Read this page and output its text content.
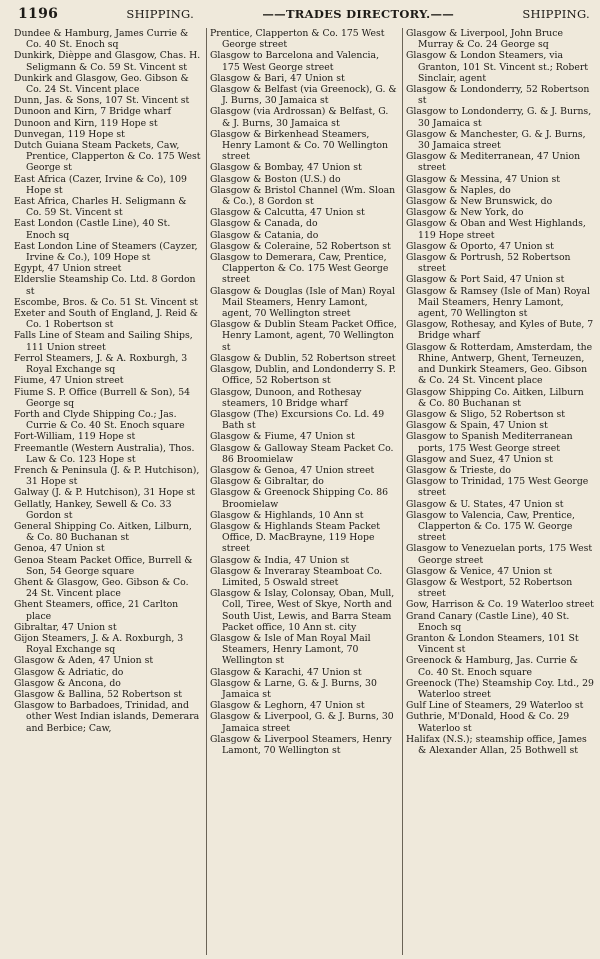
1196	SHIPPING.	——TRADES DIRECTORY.——	SHIPPING.
Dundee & Hamburg, James Currie & Co. 40 St. Enoch sq
Dunkirk, Dièppe and Glasgow, Chas. H. Seligmann & Co. 59 St. Vincent st
Dunkirk and Glasgow, Geo. Gibson & Co. 24 St. Vincent place
Dunn, Jas. & Sons, 107 St. Vincent st
Dunoon and Kirn, 7 Bridge wharf
Dunoon and Kirn, 119 Hope st
Dunvegan, 119 Hope st
Dutch Guiana Steam Packets, Caw, Prentice, Clapperton & Co. 175 West George st
East Africa (Cazer, Irvine & Co), 109 Hope st
East Africa, Charles H. Seligmann & Co. 59 St. Vincent st
East London (Castle Line), 40 St. Enoch sq
East London Line of Steamers (Cayzer, Irvine & Co.), 109 Hope st
Egypt, 47 Union street
Elderslie Steamship Co. Ltd. 8 Gordon st
Escombe, Bros. & Co. 51 St. Vincent st
Exeter and South of England, J. Reid & Co. 1 Robertson st
Falls Line of Steam and Sailing Ships, 111 Union street
Ferrol Steamers, J. & A. Roxburgh, 3 Royal Exchange sq
Fiume, 47 Union street
Fiume S. P. Office (Burrell & Son), 54 George sq
Forth and Clyde Shipping Co.; Jas. Currie & Co. 40 St. Enoch square
Fort-William, 119 Hope st
Freemantle (Western Australia), Thos. Law & Co. 123 Hope st
French & Peninsula (J. & P. Hutchison), 31 Hope st
Galway (J. & P. Hutchison), 31 Hope st
Gellatly, Hankey, Sewell & Co. 33 Gordon st
General Shipping Co. Aitken, Lilburn, & Co. 80 Buchanan st
Genoa, 47 Union st
Genoa Steam Packet Office, Burrell & Son, 54 George square
Ghent & Glasgow, Geo. Gibson & Co. 24 St. Vincent place
Ghent Steamers, office, 21 Carlton place
Gibraltar, 47 Union st
Gijon Steamers, J. & A. Roxburgh, 3 Royal Exchange sq
Glasgow & Aden, 47 Union st
Glasgow & Adriatic, do
Glasgow & Ancona, do
Glasgow & Ballina, 52 Robertson st
Glasgow to Barbadoes, Trinidad, and other West Indian islands, Demerara and Berbice; Caw,
Prentice, Clapperton & Co. 175 West George street
Glasgow to Barcelona and Valencia, 175 West George street
Glasgow & Bari, 47 Union st
Glasgow & Belfast (via Greenock), G. & J. Burns, 30 Jamaica st
Glasgow (via Ardrossan) & Belfast, G. & J. Burns, 30 Jamaica st
Glasgow & Birkenhead Steamers, Henry Lamont & Co. 70 Wellington street
Glasgow & Bombay, 47 Union st
Glasgow & Boston (U.S.) do
Glasgow & Bristol Channel (Wm. Sloan & Co.), 8 Gordon st
Glasgow & Calcutta, 47 Union st
Glasgow & Canada, do
Glasgow & Catania, do
Glasgow & Coleraine, 52 Robertson st
Glasgow to Demerara, Caw, Prentice, Clapperton & Co. 175 West George street
Glasgow & Douglas (Isle of Man) Royal Mail Steamers, Henry Lamont, agent, 70 Wellington street
Glasgow & Dublin Steam Packet Office, Henry Lamont, agent, 70 Wellington st
Glasgow & Dublin, 52 Robertson street
Glasgow, Dublin, and Londonderry S. P. Office, 52 Robertson st
Glasgow, Dunoon, and Rothesay steamers, 10 Bridge wharf
Glasgow (The) Excursions Co. Ld. 49 Bath st
Glasgow & Fiume, 47 Union st
Glasgow & Galloway Steam Packet Co. 86 Broomielaw
Glasgow & Genoa, 47 Union street
Glasgow & Gibraltar, do
Glasgow & Greenock Shipping Co. 86 Broomielaw
Glasgow & Highlands, 10 Ann st
Glasgow & Highlands Steam Packet Office, D. MacBrayne, 119 Hope street
Glasgow & India, 47 Union st
Glasgow & Inveraray Steamboat Co. Limited, 5 Oswald street
Glasgow & Islay, Colonsay, Oban, Mull, Coll, Tiree, West of Skye, North and South Uist, Lewis, and Barra Steam Packet office, 10 Ann st. city
Glasgow & Isle of Man Royal Mail Steamers, Henry Lamont, 70 Wellington st
Glasgow & Karachi, 47 Union st
Glasgow & Larne, G. & J. Burns, 30 Jamaica st
Glasgow & Leghorn, 47 Union st
Glasgow & Liverpool, G. & J. Burns, 30 Jamaica street
Glasgow & Liverpool Steamers, Henry Lamont, 70 Wellington st
Glasgow & Liverpool, John Bruce Murray & Co. 24 George sq
Glasgow & London Steamers, via Granton, 101 St. Vincent st.; Robert Sinclair, agent
Glasgow & Londonderry, 52 Robertson st
Glasgow to Londonderry, G. & J. Burns, 30 Jamaica st
Glasgow & Manchester, G. & J. Burns, 30 Jamaica street
Glasgow & Mediterranean, 47 Union street
Glasgow & Messina, 47 Union st
Glasgow & Naples, do
Glasgow & New Brunswick, do
Glasgow & New York, do
Glasgow & Oban and West Highlands, 119 Hope street
Glasgow & Oporto, 47 Union st
Glasgow & Portrush, 52 Robertson street
Glasgow & Port Said, 47 Union st
Glasgow & Ramsey (Isle of Man) Royal Mail Steamers, Henry Lamont, agent, 70 Wellington st
Glasgow, Rothesay, and Kyles of Bute, 7 Bridge wharf
Glasgow & Rotterdam, Amsterdam, the Rhine, Antwerp, Ghent, Terneuzen, and Dunkirk Steamers, Geo. Gibson & Co. 24 St. Vincent place
Glasgow Shipping Co. Aitken, Lilburn & Co. 80 Buchanan st
Glasgow & Sligo, 52 Robertson st
Glasgow & Spain, 47 Union st
Glasgow to Spanish Mediterranean ports, 175 West George street
Glasgow and Suez, 47 Union st
Glasgow & Trieste, do
Glasgow to Trinidad, 175 West George street
Glasgow & U. States, 47 Union st
Glasgow to Valencia, Caw, Prentice, Clapperton & Co. 175 W. George street
Glasgow to Venezuelan ports, 175 West George street
Glasgow & Venice, 47 Union st
Glasgow & Westport, 52 Robertson street
Gow, Harrison & Co. 19 Waterloo street
Grand Canary (Castle Line), 40 St. Enoch sq
Granton & London Steamers, 101 St Vincent st
Greenock & Hamburg, Jas. Currie & Co. 40 St. Enoch square
Greenock (The) Steamship Coy. Ltd., 29 Waterloo street
Gulf Line of Steamers, 29 Waterloo st
Guthrie, M'Donald, Hood & Co. 29 Waterloo st
Halifax (N.S.); steamship office, James & Alexander Allan, 25 Bothwell st
